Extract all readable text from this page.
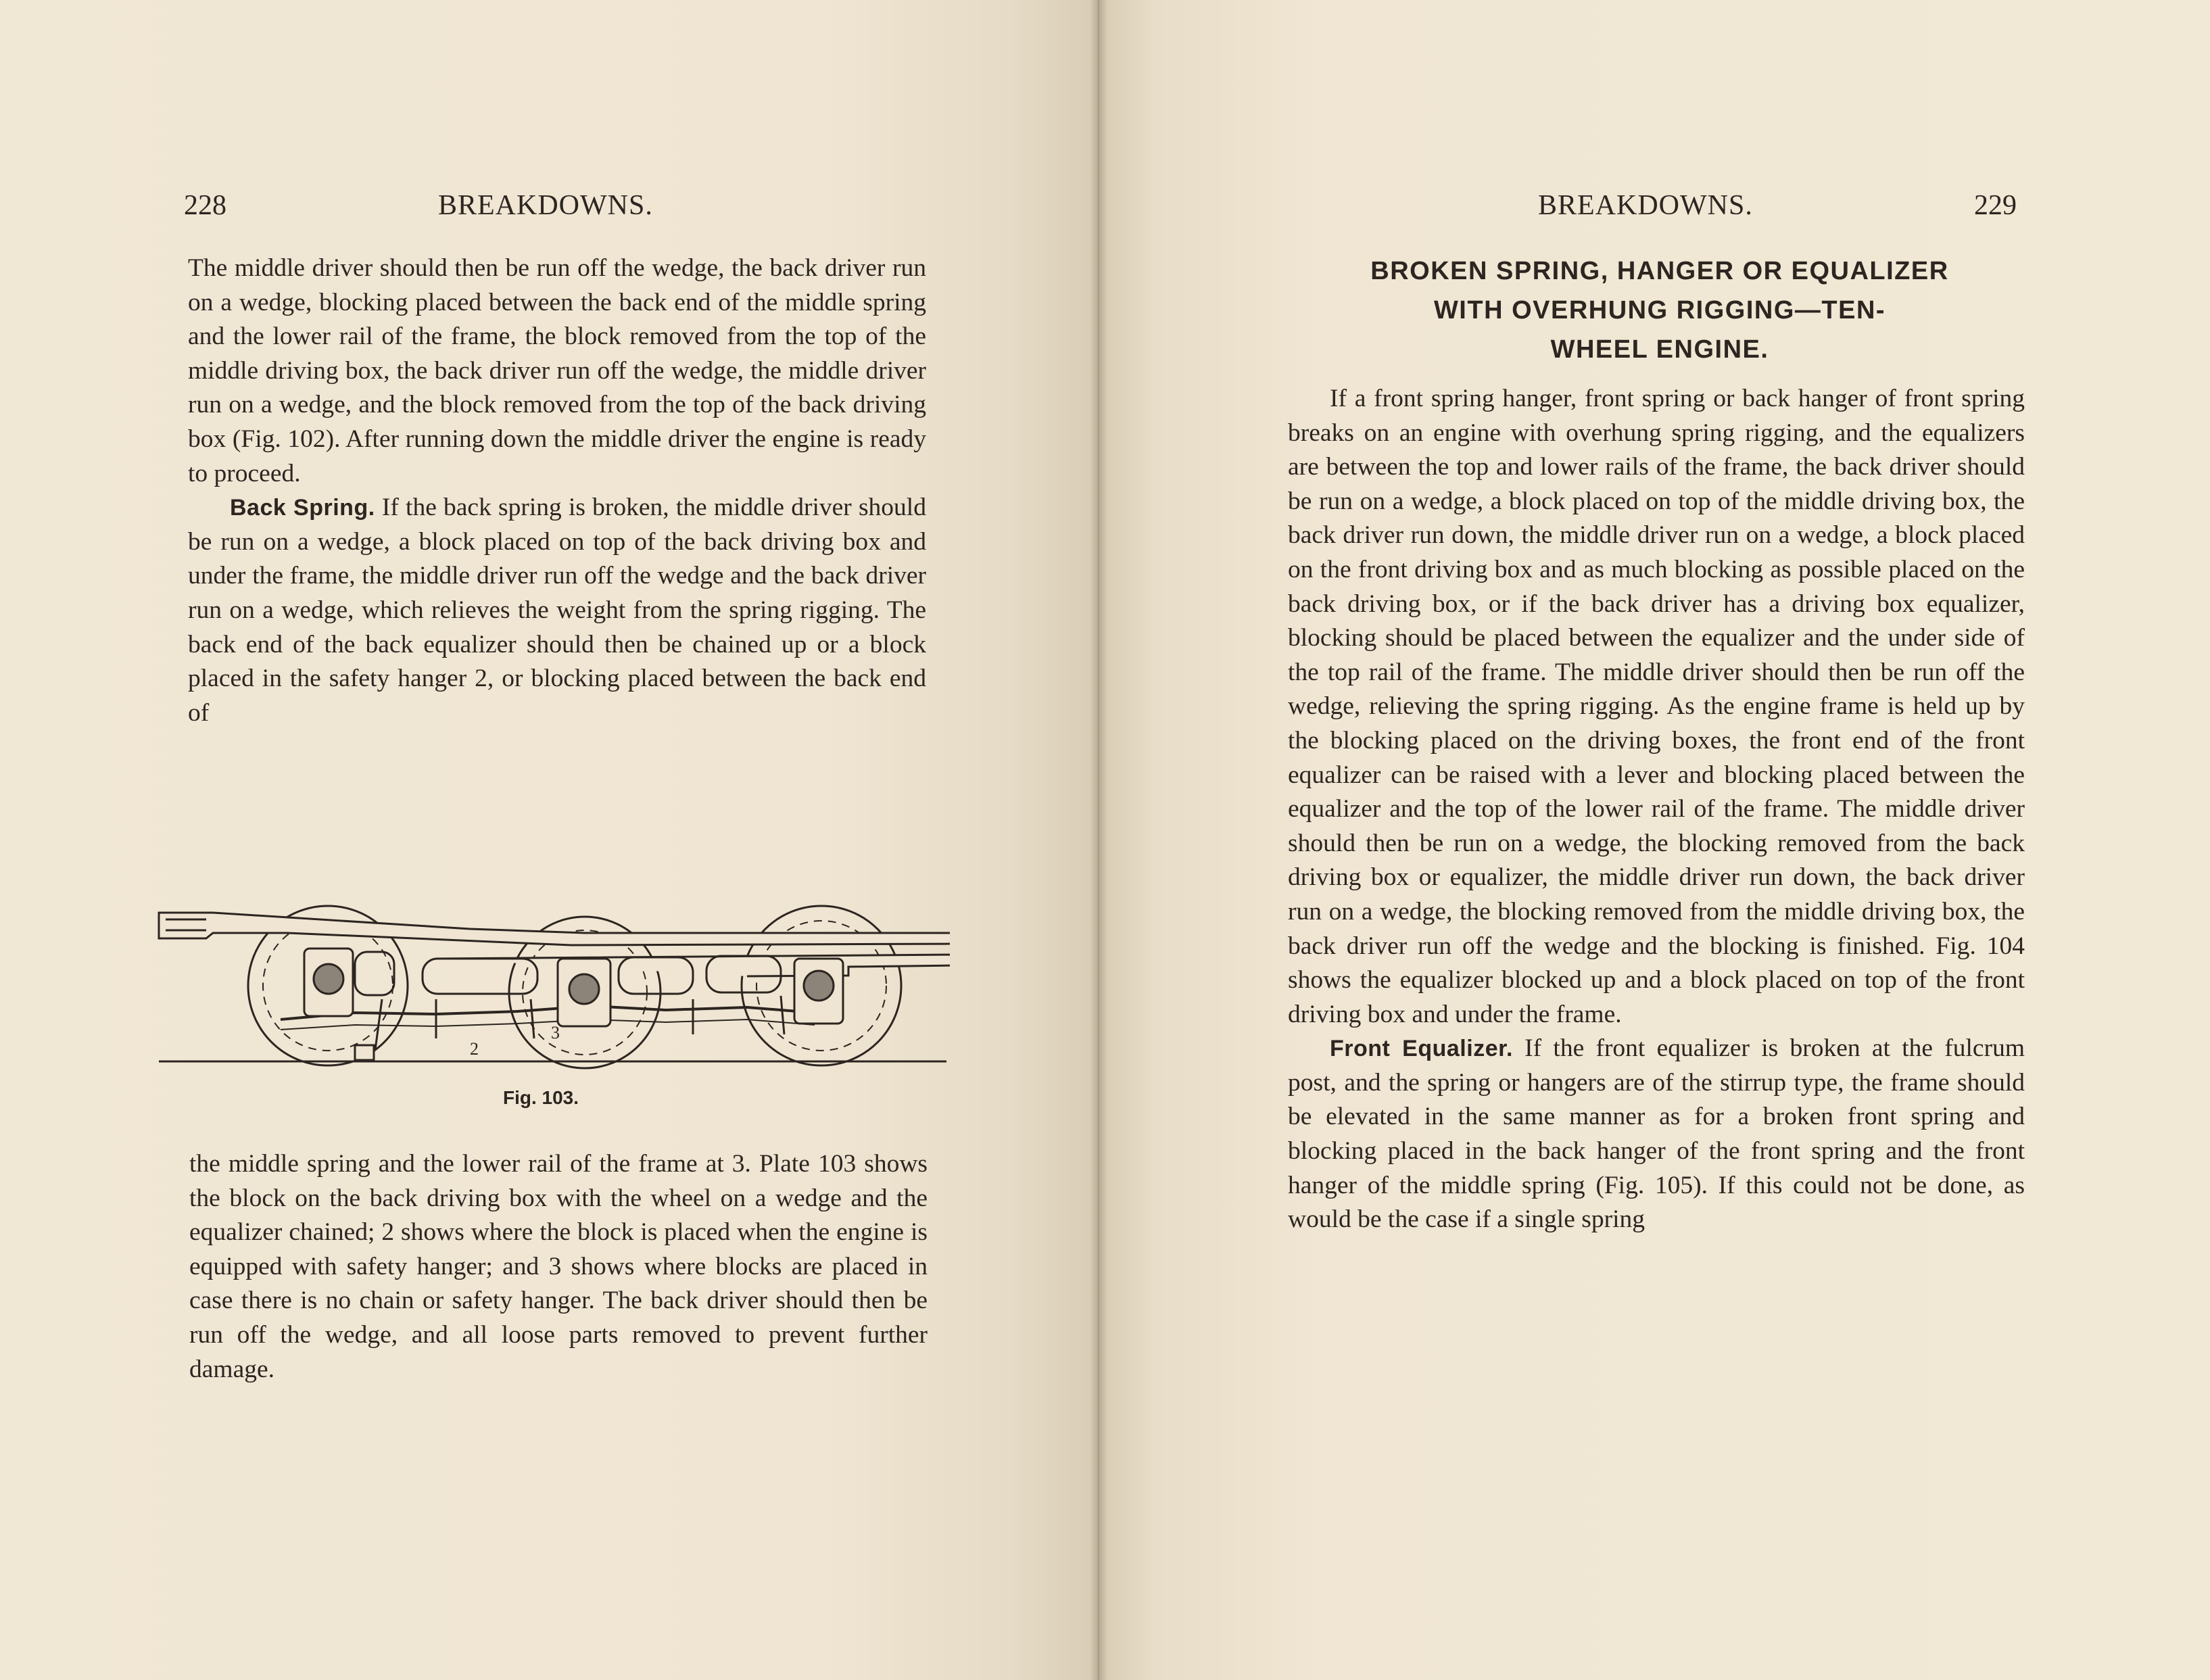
228	BREAKDOWNS.

The middle driver should then be run off the wedge, the back driver run on a wedge, blocking placed between the back end of the middle spring and the lower rail of the frame, the block removed from the top of the middle driving box, the back driver run off the wedge, the middle driver run on a wedge, and the block removed from the top of the back driving box (Fig. 102). After running down the middle driver the engine is ready to proceed.

Back Spring. If the back spring is broken, the middle driver should be run on a wedge, a block placed on top of the back driving box and under the frame, the middle driver run off the wedge and the back driver run on a wedge, which relieves the weight from the spring rigging. The back end of the back equalizer should then be chained up or a block placed in the safety hanger 2, or blocking placed between the back end of

2
3
Fig. 103.

the middle spring and the lower rail of the frame at 3. Plate 103 shows the block on the back driving box with the wheel on a wedge and the equalizer chained; 2 shows where the block is placed when the engine is equipped with safety hanger; and 3 shows where blocks are placed in case there is no chain or safety hanger. The back driver should then be run off the wedge, and all loose parts removed to prevent further damage.

BREAKDOWNS.	229
BROKEN SPRING, HANGER OR EQUALIZER
WITH OVERHUNG RIGGING—TEN-
WHEEL ENGINE.

If a front spring hanger, front spring or back hanger of front spring breaks on an engine with overhung spring rigging, and the equalizers are between the top and lower rails of the frame, the back driver should be run on a wedge, a block placed on top of the middle driving box, the back driver run down, the middle driver run on a wedge, a block placed on the front driving box and as much blocking as possible placed on the back driving box, or if the back driver has a driving box equalizer, blocking should be placed between the equalizer and the under side of the top rail of the frame. The middle driver should then be run off the wedge, relieving the spring rigging. As the engine frame is held up by the blocking placed on the driving boxes, the front end of the front equalizer can be raised with a lever and blocking placed between the equalizer and the top of the lower rail of the frame. The middle driver should then be run on a wedge, the blocking removed from the back driving box or equalizer, the middle driver run down, the back driver run on a wedge, the blocking removed from the middle driving box, the back driver run off the wedge and the blocking is finished. Fig. 104 shows the equalizer blocked up and a block placed on top of the front driving box and under the frame.

Front Equalizer. If the front equalizer is broken at the fulcrum post, and the spring or hangers are of the stirrup type, the frame should be elevated in the same manner as for a broken front spring and blocking placed in the back hanger of the front spring and the front hanger of the middle spring (Fig. 105). If this could not be done, as would be the case if a single spring
